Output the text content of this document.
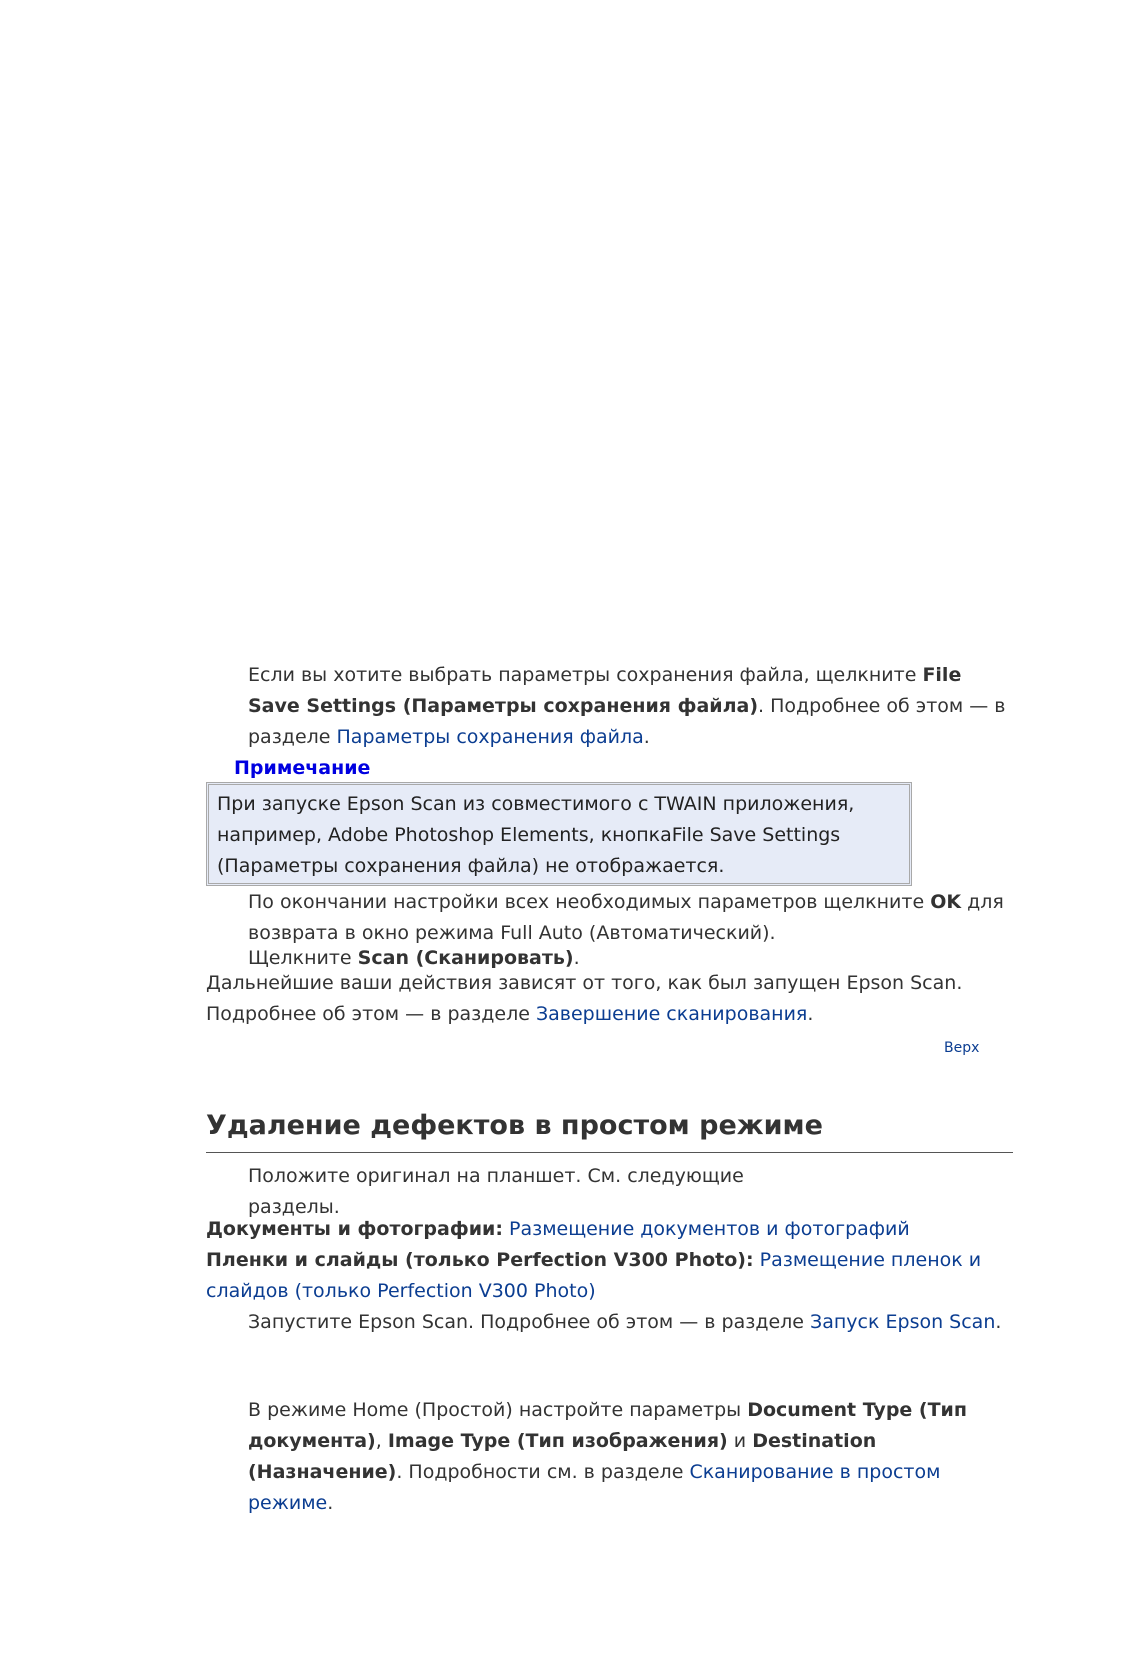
Если вы хотите выбрать параметры сохранения файла, щелкните File Save Settings (Параметры сохранения файла). Подробнее об этом — в разделе Параметры сохранения файла.

Примечание

При запуске Epson Scan из совместимого с TWAIN приложения, например, Adobe Photoshop Elements, кнопкаFile Save Settings (Параметры сохранения файла) не отображается.

По окончании настройки всех необходимых параметров щелкните OK для возврата в окно режима Full Auto (Автоматический).

Щелкните Scan (Сканировать).

Дальнейшие ваши действия зависят от того, как был запущен Epson Scan. Подробнее об этом — в разделе Завершение сканирования.

Верх
Удаление дефектов в простом режиме

Положите оригинал на планшет. См. следующие разделы.

Документы и фотографии: Размещение документов и фотографий

Пленки и слайды (только Perfection V300 Photo): Размещение пленок и слайдов (только Perfection V300 Photo)

Запустите Epson Scan. Подробнее об этом — в разделе Запуск Epson Scan.

В режиме Home (Простой) настройте параметры Document Type (Тип документа), Image Type (Тип изображения) и Destination (Назначение). Подробности см. в разделе Сканирование в простом режиме.
